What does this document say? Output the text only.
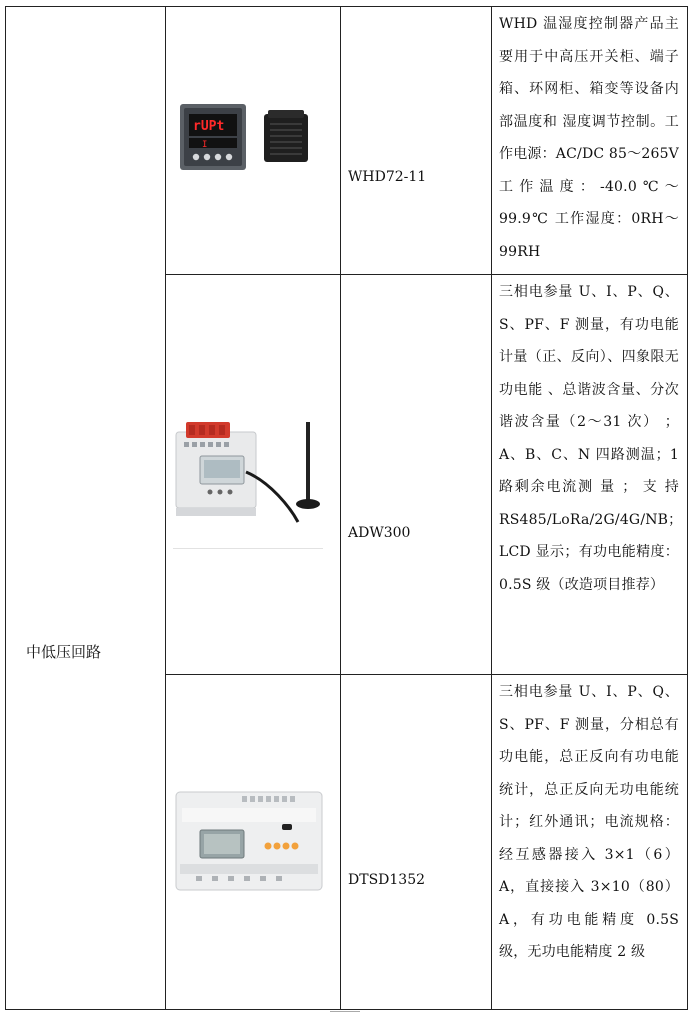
中低压回路
rUPt
I
WHD72-11
WHD 温湿度控制器产品主要用于中高压开关柜、端子箱、环网柜、箱变等设备内部温度和 湿度调节控制。工作电源：AC/DC 85～265V 工作温度：-40.0℃～99.9℃ 工作湿度：0RH～99RH
ADW300
三相电参量 U、I、P、Q、S、PF、F 测量，有功电能计量（正、反向）、四象限无功电能 、总谐波含量、分次谐波含量（2～31 次） ；A、B、C、N 四路测温；1 路剩余电流测 量 ； 支 持 RS485/LoRa/2G/4G/NB；LCD 显示；有功电能精度：0.5S 级（改造项目推荐）
DTSD1352
三相电参量 U、I、P、Q、S、PF、F 测量，分相总有功电能，总正反向有功电能统计，总正反向无功电能统计；红外通讯；电流规格：经互感器接入 3×1（6）A，直接接入 3×10（80）A，有功电能精度 0.5S 级，无功电能精度 2 级
